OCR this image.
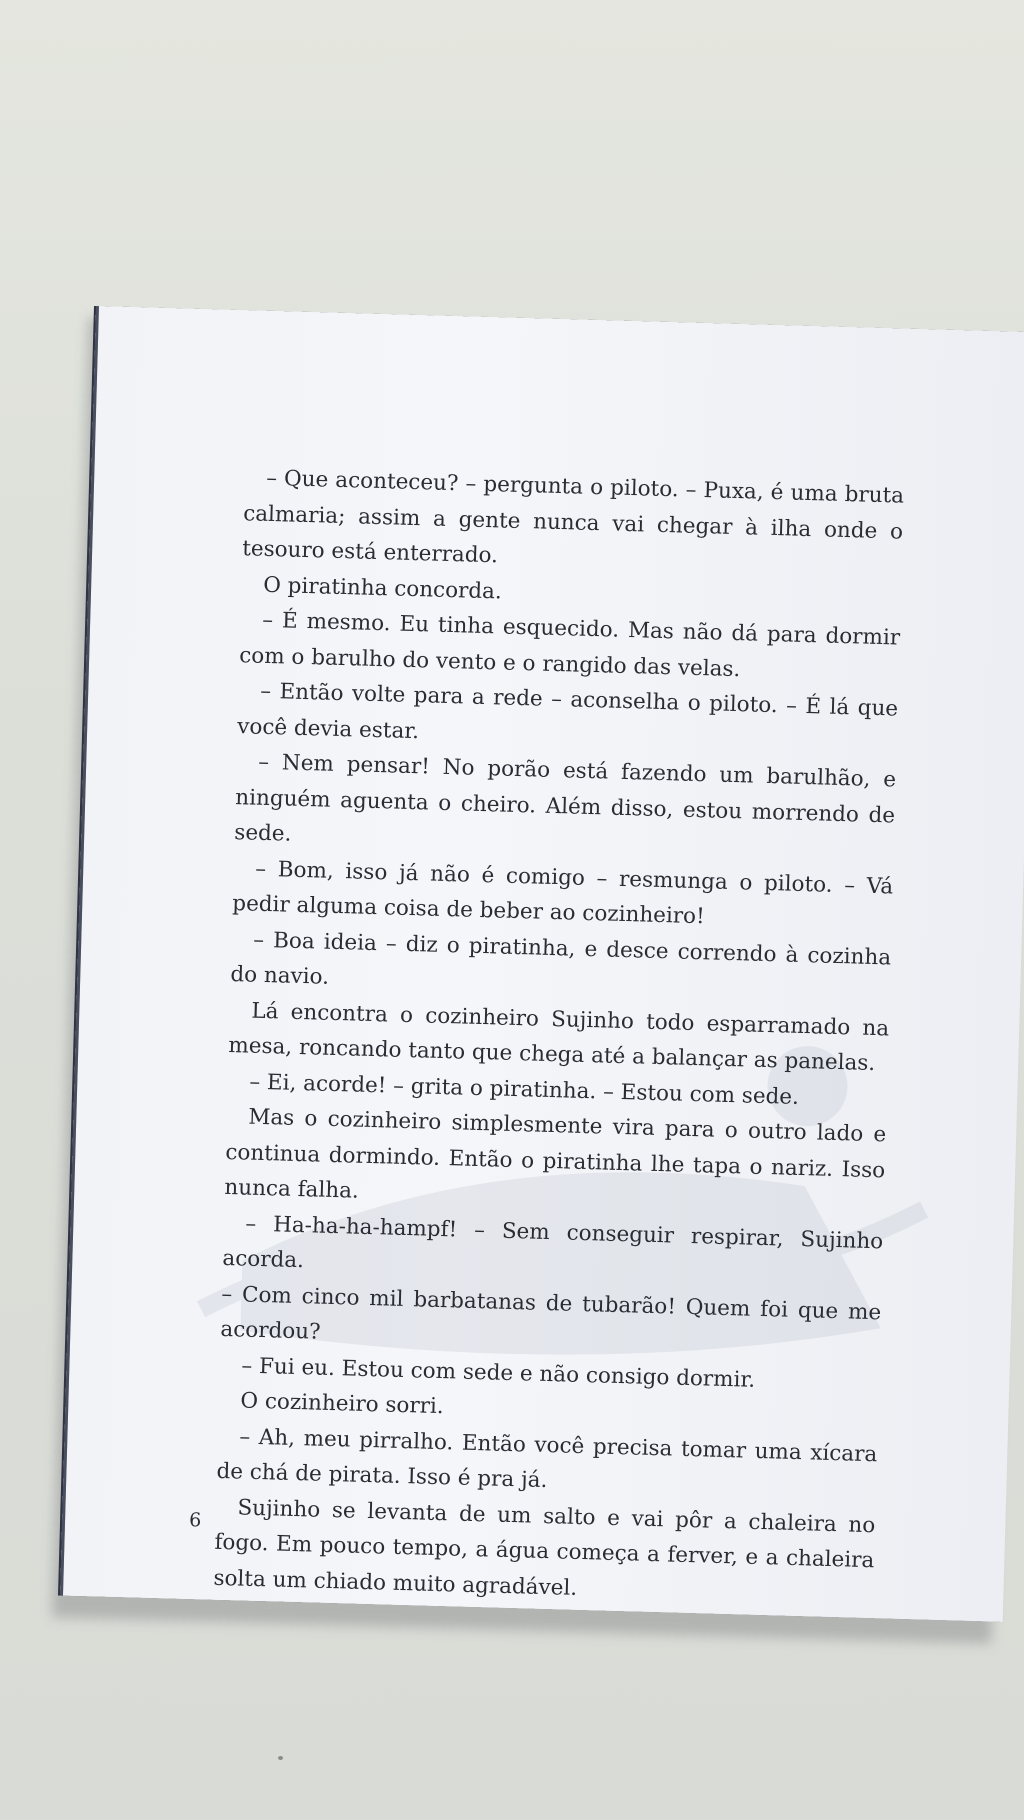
– Que aconteceu? – pergunta o piloto. – Puxa, é uma bruta calmaria; assim a gente nunca vai chegar à ilha onde o tesouro está enterrado.

O piratinha concorda.

– É mesmo. Eu tinha esquecido. Mas não dá para dormir com o barulho do vento e o rangido das velas.

– Então volte para a rede – aconselha o piloto. – É lá que você devia estar.

– Nem pensar! No porão está fazendo um barulhão, e ninguém aguenta o cheiro. Além disso, estou morrendo de sede.

– Bom, isso já não é comigo – resmunga o piloto. – Vá pedir alguma coisa de beber ao cozinheiro!

– Boa ideia – diz o piratinha, e desce correndo à cozinha do navio.

Lá encontra o cozinheiro Sujinho todo esparramado na mesa, roncando tanto que chega até a balançar as panelas.

– Ei, acorde! – grita o piratinha. – Estou com sede.

Mas o cozinheiro simplesmente vira para o outro lado e continua dormindo. Então o piratinha lhe tapa o nariz. Isso nunca falha.

– Ha-ha-ha-hampf! – Sem conseguir respirar, Sujinho acorda.

– Com cinco mil barbatanas de tubarão! Quem foi que me acordou?

– Fui eu. Estou com sede e não consigo dormir.

O cozinheiro sorri.

– Ah, meu pirralho. Então você precisa tomar uma xícara de chá de pirata. Isso é pra já.

Sujinho se levanta de um salto e vai pôr a chaleira no fogo. Em pouco tempo, a água começa a ferver, e a chaleira solta um chiado muito agradável.

6
